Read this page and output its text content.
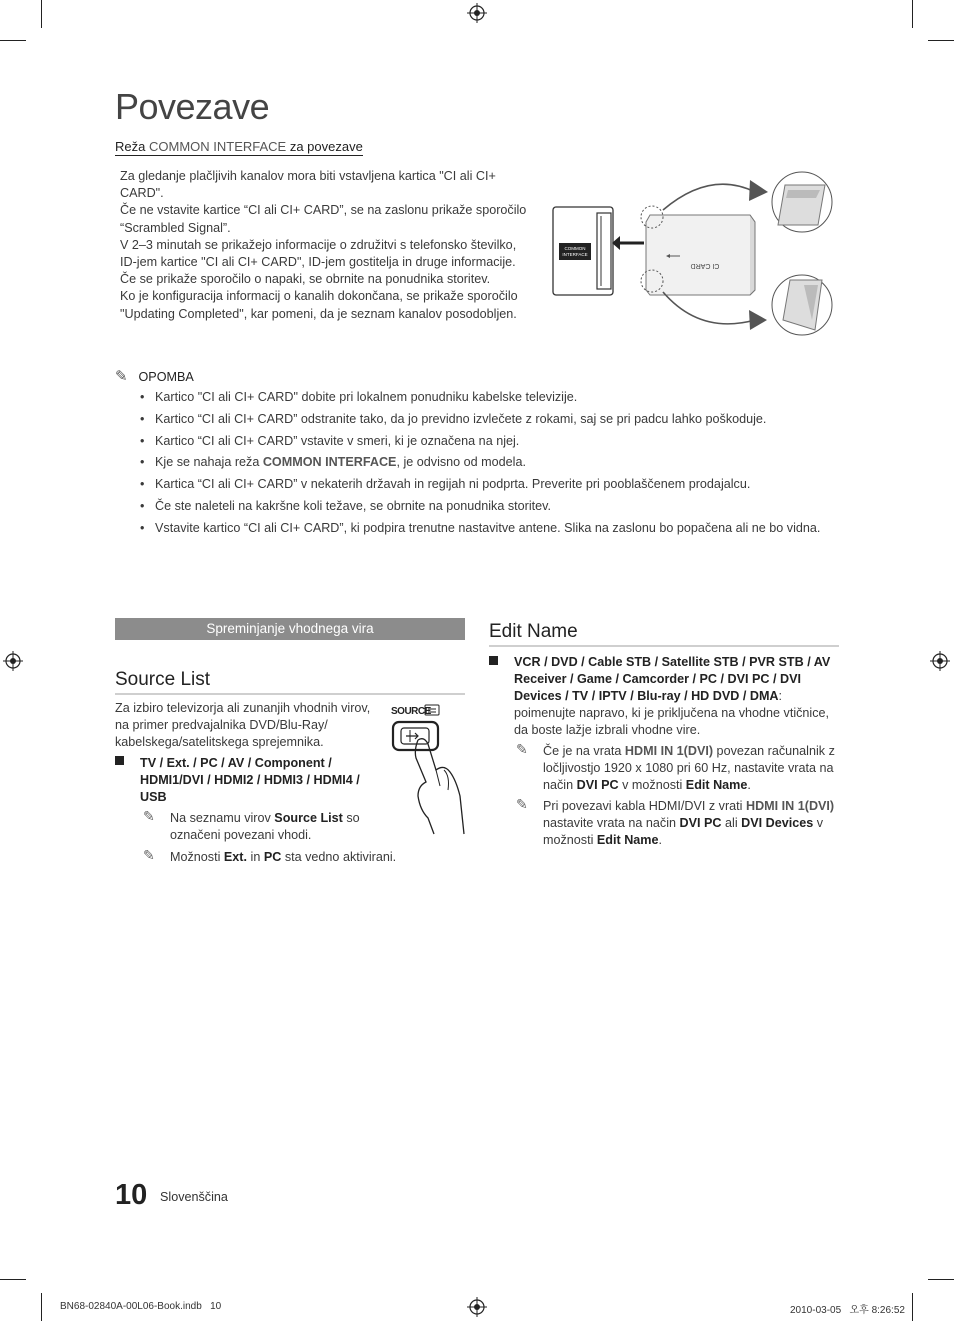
Povezave
Reža COMMON INTERFACE za povezave

Za gledanje plačljivih kanalov mora biti vstavljena kartica "CI ali CI+ CARD".

Če ne vstavite kartice “CI ali CI+ CARD”, se na zaslonu prikaže sporočilo “Scrambled Signal”.

V 2–3 minutah se prikažejo informacije o združitvi s telefonsko številko, ID-jem kartice "CI ali CI+ CARD", ID-jem gostitelja in druge informacije. Če se prikaže sporočilo o napaki, se obrnite na ponudnika storitev.

Ko je konfiguracija informacij o kanalih dokončana, se prikaže sporočilo "Updating Completed", kar pomeni, da je seznam kanalov posodobljen.

COMMON
INTERFACE
CI CARD
✎ OPOMBA
• Kartico "CI ali CI+ CARD" dobite pri lokalnem ponudniku kabelske televizije.
• Kartico “CI ali CI+ CARD” odstranite tako, da jo previdno izvlečete z rokami, saj se pri padcu lahko poškoduje.
• Kartico “CI ali CI+ CARD” vstavite v smeri, ki je označena na njej.
• Kje se nahaja reža COMMON INTERFACE, je odvisno od modela.
• Kartica “CI ali CI+ CARD” v nekaterih državah in regijah ni podprta. Preverite pri pooblaščenem prodajalcu.
• Če ste naleteli na kakršne koli težave, se obrnite na ponudnika storitev.
• Vstavite kartico “CI ali CI+ CARD”, ki podpira trenutne nastavitve antene. Slika na zaslonu bo popačena ali ne bo vidna.
Spreminjanje vhodnega vira
Source List
Za izbiro televizorja ali zunanjih vhodnih virov, na primer predvajalnika DVD/Blu-Ray/ kabelskega/satelitskega sprejemnika.
TV / Ext. / PC / AV / Component / HDMI1/DVI / HDMI2 / HDMI3 / HDMI4 / USB
✎ Na seznamu virov Source List so označeni povezani vhodi.
✎ Možnosti Ext. in PC sta vedno aktivirani.
SOURCE
Edit Name
VCR / DVD / Cable STB / Satellite STB / PVR STB / AV Receiver / Game / Camcorder / PC / DVI PC / DVI Devices / TV / IPTV / Blu-ray / HD DVD / DMA: poimenujte napravo, ki je priključena na vhodne vtičnice, da boste lažje izbrali vhodne vire.
✎ Če je na vrata HDMI IN 1(DVI) povezan računalnik z ločljivostjo 1920 x 1080 pri 60 Hz, nastavite vrata na način DVI PC v možnosti Edit Name.
✎ Pri povezavi kabla HDMI/DVI z vrati HDMI IN 1(DVI) nastavite vrata na način DVI PC ali DVI Devices v možnosti Edit Name.
10 Slovenščina
BN68-02840A-00L06-Book.indb   10	2010-03-05   오후 8:26:52
